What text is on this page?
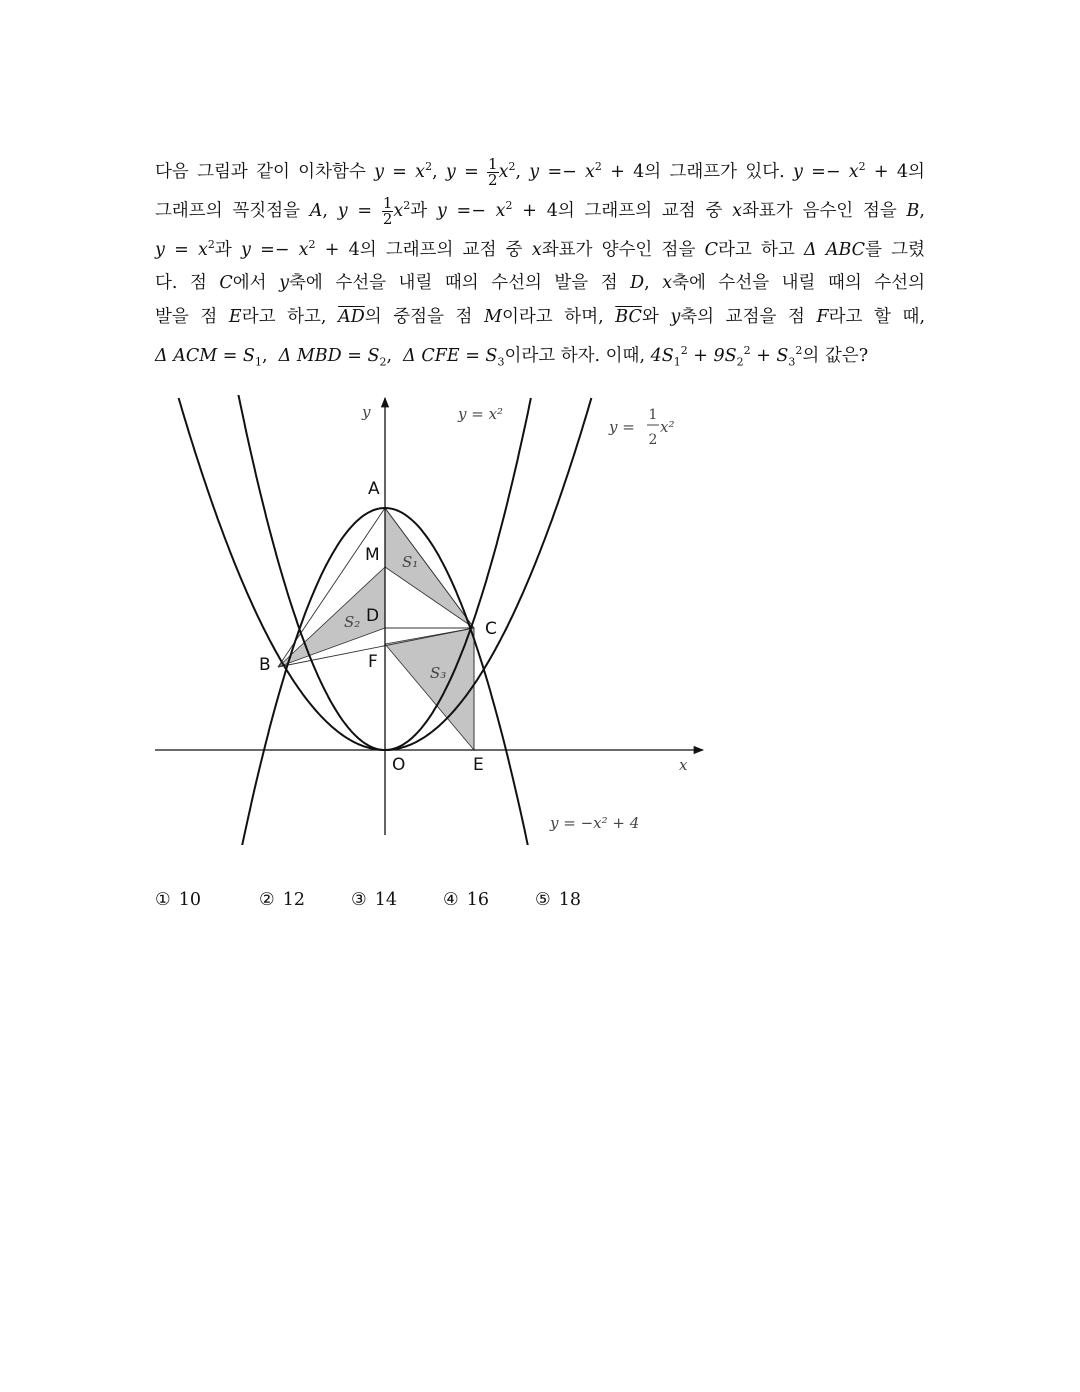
다음 그림과 같이 이차함수 $y = x^2$, $y = \frac{1}{2} x^2$, $y =- x^2 + 4$의 그래프가 있다. $y =- x^2 + 4$의
그래프의 꼭짓점을 A, $y = \frac{1}{2} x^2$과 $y =- x^2 + 4$의 그래프의 교점 중 x좌표가 음수인 점을 B,
$y = x^2$과 $y =- x^2 + 4$의 그래프의 교점 중 x좌표가 양수인 점을 C라고 하고 Δ ABC를 그렸
다. 점 C에서 y축에 수선을 내릴 때의 수선의 발을 점 D, x축에 수선을 내릴 때의 수선의
발을 점 E라고 하고, $\overline{AD}$의 중점을 점 M이라고 하며, $\overline{BC}$와 y축의 교점을 점 F라고 할 때,
Δ ACM = $S_1$,  Δ MBD = $S_2$,  Δ CFE = $S_3$이라고 하자. 이때, $4S_1^2 + 9S_2^2 + S_3^2$의 값은?
A
M
D
C
B	F
O	E
S₁
S₂
S₃
y
x
y = x²
y = x²
y = −x² + 4
1
2
① 10	② 12	③ 14	④ 16	⑤ 18
